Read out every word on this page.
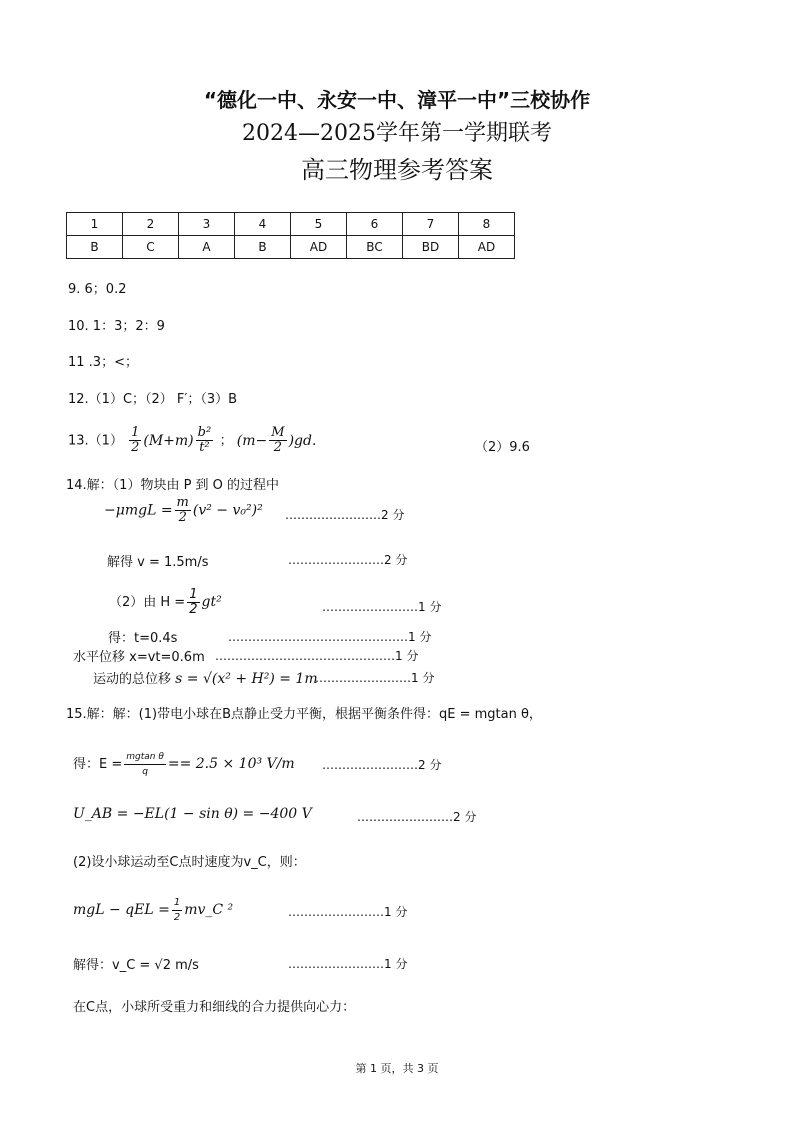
“德化一中、永安一中、漳平一中”三校协作
2024—2025学年第一学期联考
高三物理参考答案
1	2	3	4	5	6	7	8
B	C	A	B	AD	BC	BD	AD
9. 6；0.2
10. 1：3；2：9
11 .3；<；
12.（1）C；（2） F′；（3）B
$13.(1) \frac{1}{2} (M+m) \frac{\text{b²}}{\text{t²}}$ ； $(m- \frac{M}{2} )gd$.	（2）9.6
14.解：（1）物块由 P 到 O 的过程中
$-\mu mgL = \frac{m}{2} (v^2 - v_0^2)^2$ ……………………2 分
解得 v = 1.5m/s	……………………2 分
（2）由 $H = \frac{1}{2} gt^2$	……………………1 分
得：t=0.4s	………………………………………1 分
水平位移 x=vt=0.6m ………………………………………1 分
运动的总位移 s = √(x² + H²) = 1m
……………………1 分
15.解：解：(1)带电小球在B点静止受力平衡，根据平衡条件得：qE = mgtan θ，
得：$E = \frac{\text{mgtan θ}}{q} == 2.5 \times 10^3$ V/m ……………………2 分
U_AB = −EL(1 − sin θ) = −400 V	……………………2 分
(2)设小球运动至C点时速度为v_C，则：
mgL − qEL = $\frac{1}{2}$ mv_C ²	……………………1 分
解得：v_C = √2 m/s	……………………1 分
在C点，小球所受重力和细线的合力提供向心力：
第 1 页，共 3 页
